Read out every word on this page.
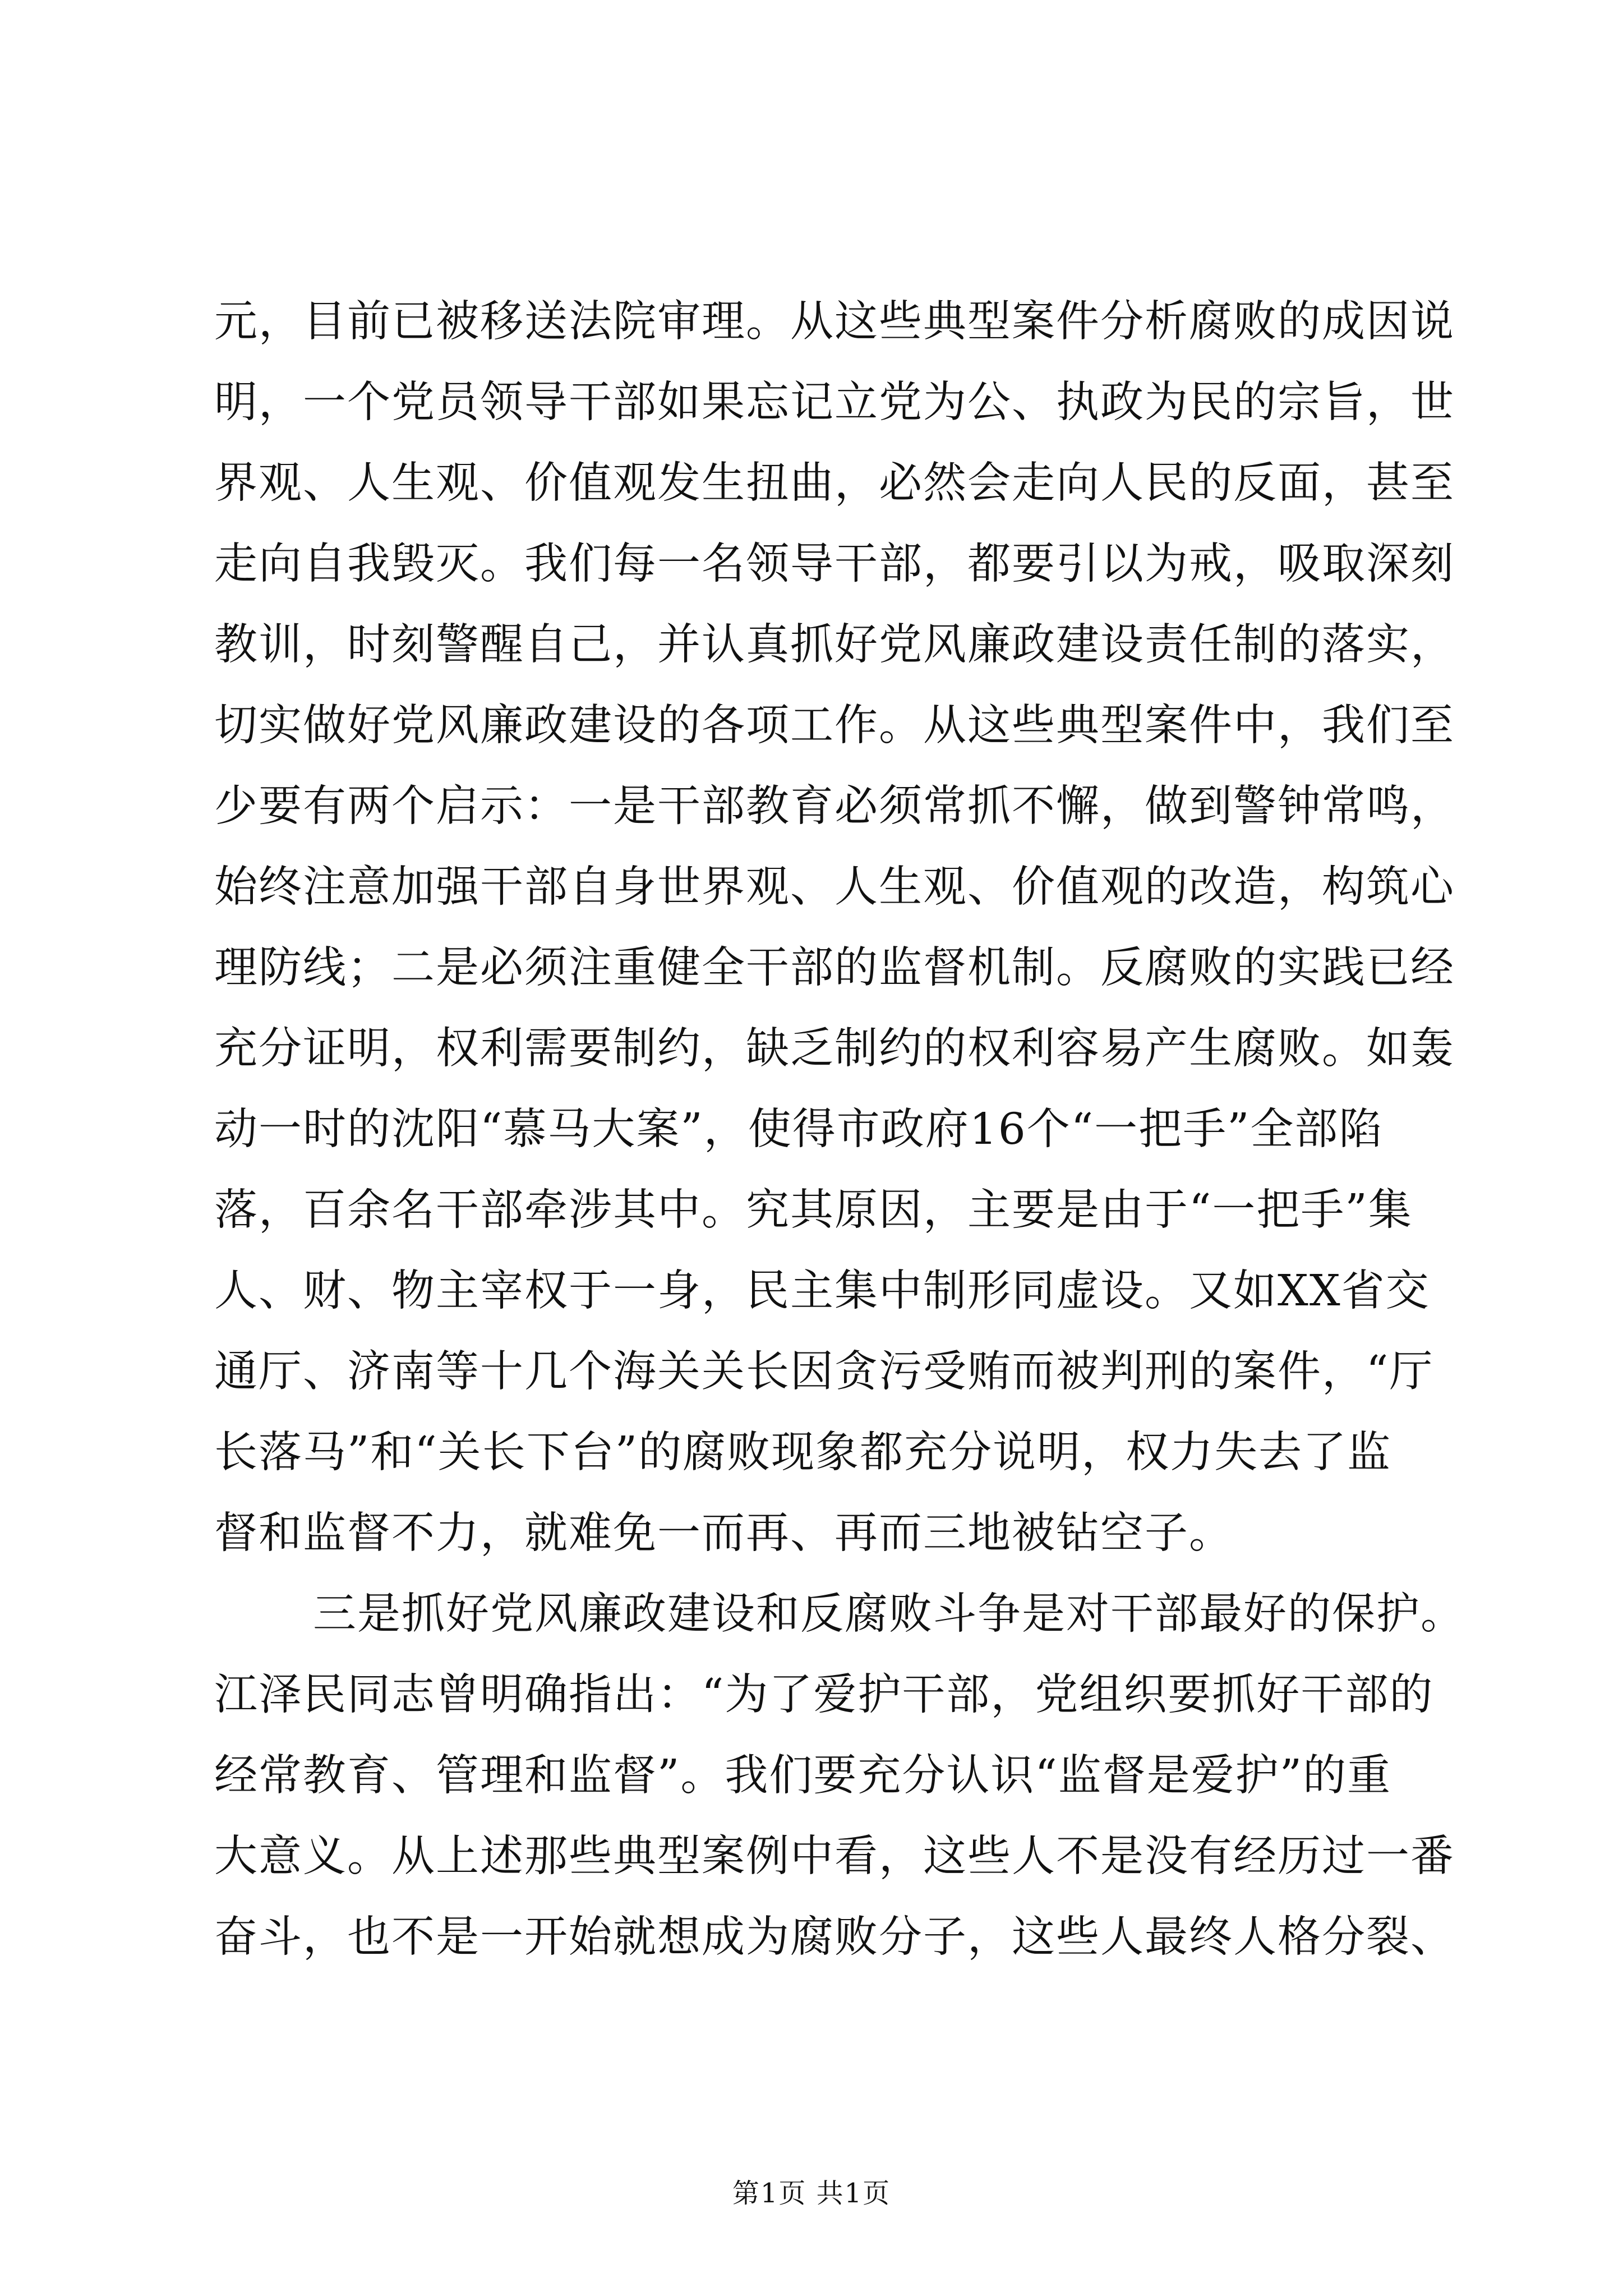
元，目前已被移送法院审理。从这些典型案件分析腐败的成因说
明，一个党员领导干部如果忘记立党为公、执政为民的宗旨，世
界观、人生观、价值观发生扭曲，必然会走向人民的反面，甚至
走向自我毁灭。我们每一名领导干部，都要引以为戒，吸取深刻
教训，时刻警醒自己，并认真抓好党风廉政建设责任制的落实，
切实做好党风廉政建设的各项工作。从这些典型案件中，我们至
少要有两个启示：一是干部教育必须常抓不懈，做到警钟常鸣，
始终注意加强干部自身世界观、人生观、价值观的改造，构筑心
理防线；二是必须注重健全干部的监督机制。反腐败的实践已经
充分证明，权利需要制约，缺乏制约的权利容易产生腐败。如轰
动一时的沈阳“慕马大案”，使得市政府16个“一把手”全部陷
落，百余名干部牵涉其中。究其原因，主要是由于“一把手”集
人、财、物主宰权于一身，民主集中制形同虚设。又如XX省交
通厅、济南等十几个海关关长因贪污受贿而被判刑的案件，“厅
长落马”和“关长下台”的腐败现象都充分说明，权力失去了监
督和监督不力，就难免一而再、再而三地被钻空子。
三是抓好党风廉政建设和反腐败斗争是对干部最好的保护。
江泽民同志曾明确指出：“为了爱护干部，党组织要抓好干部的
经常教育、管理和监督”。我们要充分认识“监督是爱护”的重
大意义。从上述那些典型案例中看，这些人不是没有经历过一番
奋斗，也不是一开始就想成为腐败分子，这些人最终人格分裂、
第1页 共1页
